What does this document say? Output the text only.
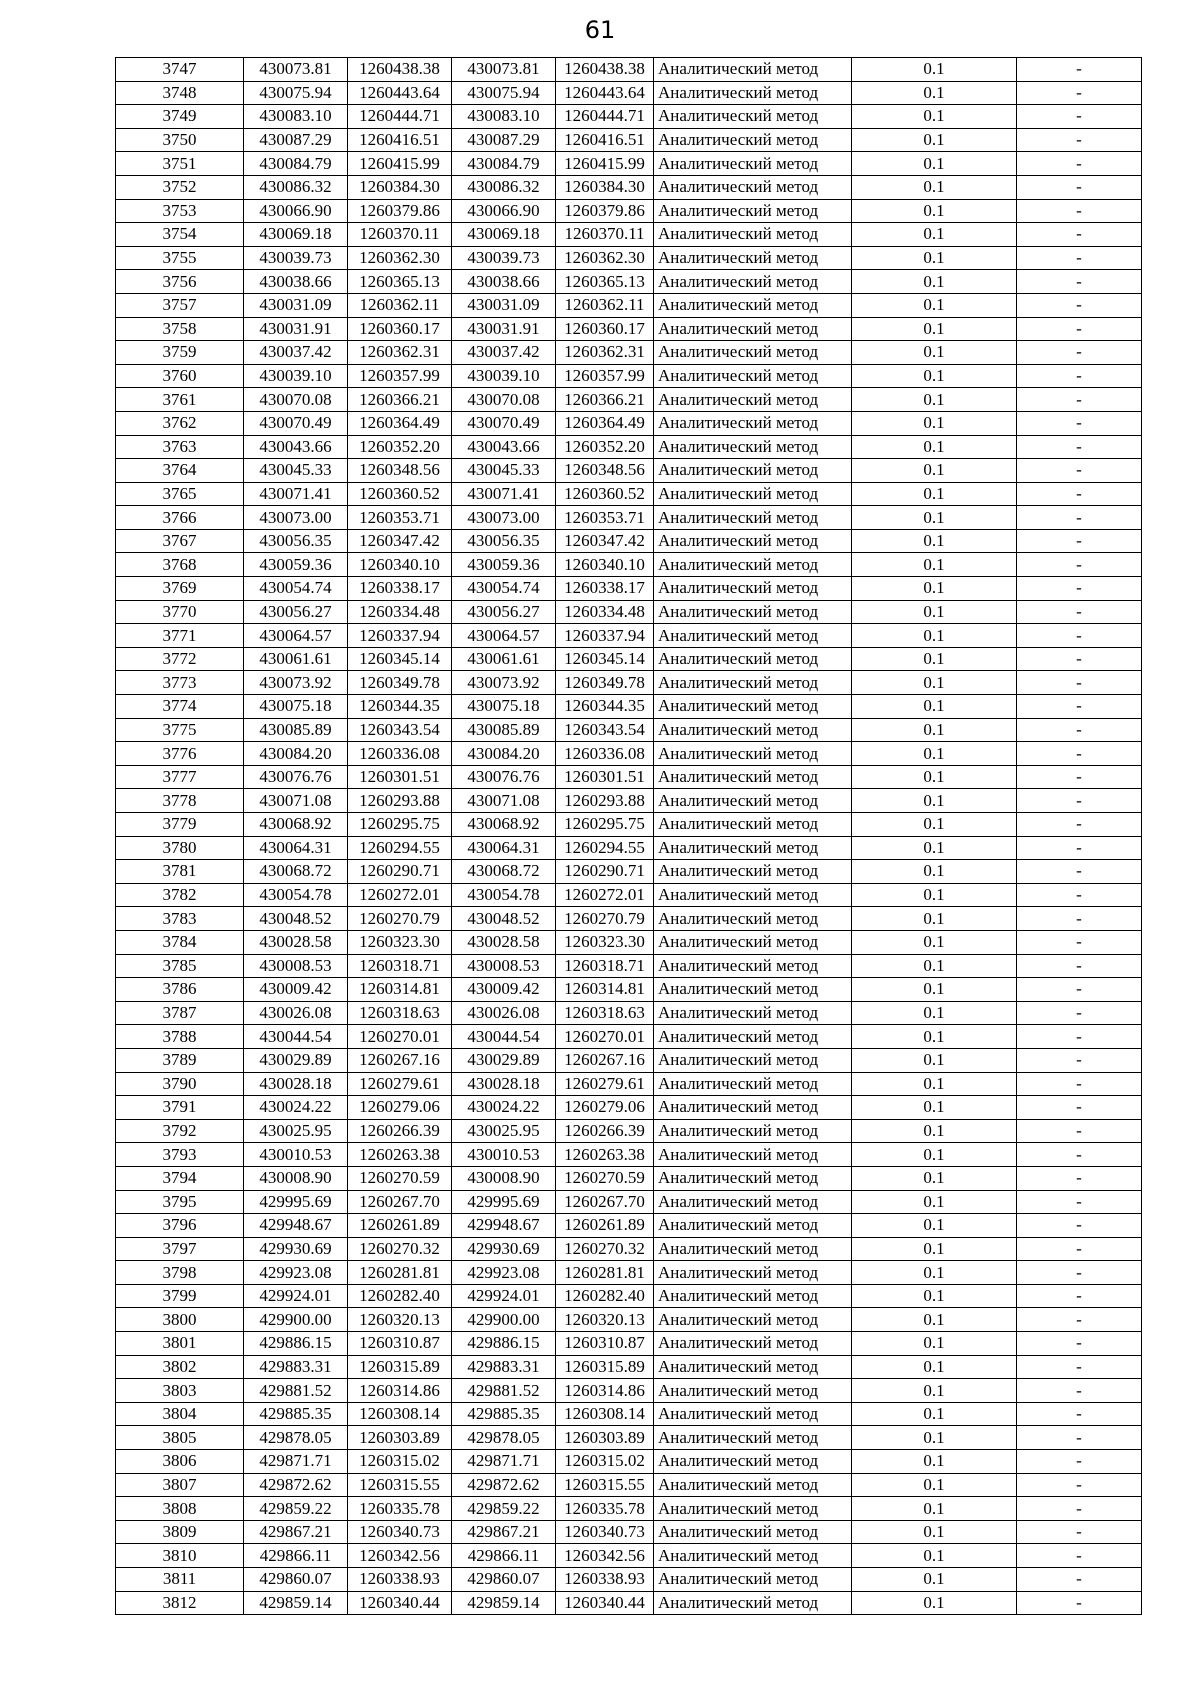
61
3747	430073.81	1260438.38	430073.81	1260438.38	Аналитический метод	0.1	-
3748	430075.94	1260443.64	430075.94	1260443.64	Аналитический метод	0.1	-
3749	430083.10	1260444.71	430083.10	1260444.71	Аналитический метод	0.1	-
3750	430087.29	1260416.51	430087.29	1260416.51	Аналитический метод	0.1	-
3751	430084.79	1260415.99	430084.79	1260415.99	Аналитический метод	0.1	-
3752	430086.32	1260384.30	430086.32	1260384.30	Аналитический метод	0.1	-
3753	430066.90	1260379.86	430066.90	1260379.86	Аналитический метод	0.1	-
3754	430069.18	1260370.11	430069.18	1260370.11	Аналитический метод	0.1	-
3755	430039.73	1260362.30	430039.73	1260362.30	Аналитический метод	0.1	-
3756	430038.66	1260365.13	430038.66	1260365.13	Аналитический метод	0.1	-
3757	430031.09	1260362.11	430031.09	1260362.11	Аналитический метод	0.1	-
3758	430031.91	1260360.17	430031.91	1260360.17	Аналитический метод	0.1	-
3759	430037.42	1260362.31	430037.42	1260362.31	Аналитический метод	0.1	-
3760	430039.10	1260357.99	430039.10	1260357.99	Аналитический метод	0.1	-
3761	430070.08	1260366.21	430070.08	1260366.21	Аналитический метод	0.1	-
3762	430070.49	1260364.49	430070.49	1260364.49	Аналитический метод	0.1	-
3763	430043.66	1260352.20	430043.66	1260352.20	Аналитический метод	0.1	-
3764	430045.33	1260348.56	430045.33	1260348.56	Аналитический метод	0.1	-
3765	430071.41	1260360.52	430071.41	1260360.52	Аналитический метод	0.1	-
3766	430073.00	1260353.71	430073.00	1260353.71	Аналитический метод	0.1	-
3767	430056.35	1260347.42	430056.35	1260347.42	Аналитический метод	0.1	-
3768	430059.36	1260340.10	430059.36	1260340.10	Аналитический метод	0.1	-
3769	430054.74	1260338.17	430054.74	1260338.17	Аналитический метод	0.1	-
3770	430056.27	1260334.48	430056.27	1260334.48	Аналитический метод	0.1	-
3771	430064.57	1260337.94	430064.57	1260337.94	Аналитический метод	0.1	-
3772	430061.61	1260345.14	430061.61	1260345.14	Аналитический метод	0.1	-
3773	430073.92	1260349.78	430073.92	1260349.78	Аналитический метод	0.1	-
3774	430075.18	1260344.35	430075.18	1260344.35	Аналитический метод	0.1	-
3775	430085.89	1260343.54	430085.89	1260343.54	Аналитический метод	0.1	-
3776	430084.20	1260336.08	430084.20	1260336.08	Аналитический метод	0.1	-
3777	430076.76	1260301.51	430076.76	1260301.51	Аналитический метод	0.1	-
3778	430071.08	1260293.88	430071.08	1260293.88	Аналитический метод	0.1	-
3779	430068.92	1260295.75	430068.92	1260295.75	Аналитический метод	0.1	-
3780	430064.31	1260294.55	430064.31	1260294.55	Аналитический метод	0.1	-
3781	430068.72	1260290.71	430068.72	1260290.71	Аналитический метод	0.1	-
3782	430054.78	1260272.01	430054.78	1260272.01	Аналитический метод	0.1	-
3783	430048.52	1260270.79	430048.52	1260270.79	Аналитический метод	0.1	-
3784	430028.58	1260323.30	430028.58	1260323.30	Аналитический метод	0.1	-
3785	430008.53	1260318.71	430008.53	1260318.71	Аналитический метод	0.1	-
3786	430009.42	1260314.81	430009.42	1260314.81	Аналитический метод	0.1	-
3787	430026.08	1260318.63	430026.08	1260318.63	Аналитический метод	0.1	-
3788	430044.54	1260270.01	430044.54	1260270.01	Аналитический метод	0.1	-
3789	430029.89	1260267.16	430029.89	1260267.16	Аналитический метод	0.1	-
3790	430028.18	1260279.61	430028.18	1260279.61	Аналитический метод	0.1	-
3791	430024.22	1260279.06	430024.22	1260279.06	Аналитический метод	0.1	-
3792	430025.95	1260266.39	430025.95	1260266.39	Аналитический метод	0.1	-
3793	430010.53	1260263.38	430010.53	1260263.38	Аналитический метод	0.1	-
3794	430008.90	1260270.59	430008.90	1260270.59	Аналитический метод	0.1	-
3795	429995.69	1260267.70	429995.69	1260267.70	Аналитический метод	0.1	-
3796	429948.67	1260261.89	429948.67	1260261.89	Аналитический метод	0.1	-
3797	429930.69	1260270.32	429930.69	1260270.32	Аналитический метод	0.1	-
3798	429923.08	1260281.81	429923.08	1260281.81	Аналитический метод	0.1	-
3799	429924.01	1260282.40	429924.01	1260282.40	Аналитический метод	0.1	-
3800	429900.00	1260320.13	429900.00	1260320.13	Аналитический метод	0.1	-
3801	429886.15	1260310.87	429886.15	1260310.87	Аналитический метод	0.1	-
3802	429883.31	1260315.89	429883.31	1260315.89	Аналитический метод	0.1	-
3803	429881.52	1260314.86	429881.52	1260314.86	Аналитический метод	0.1	-
3804	429885.35	1260308.14	429885.35	1260308.14	Аналитический метод	0.1	-
3805	429878.05	1260303.89	429878.05	1260303.89	Аналитический метод	0.1	-
3806	429871.71	1260315.02	429871.71	1260315.02	Аналитический метод	0.1	-
3807	429872.62	1260315.55	429872.62	1260315.55	Аналитический метод	0.1	-
3808	429859.22	1260335.78	429859.22	1260335.78	Аналитический метод	0.1	-
3809	429867.21	1260340.73	429867.21	1260340.73	Аналитический метод	0.1	-
3810	429866.11	1260342.56	429866.11	1260342.56	Аналитический метод	0.1	-
3811	429860.07	1260338.93	429860.07	1260338.93	Аналитический метод	0.1	-
3812	429859.14	1260340.44	429859.14	1260340.44	Аналитический метод	0.1	-
